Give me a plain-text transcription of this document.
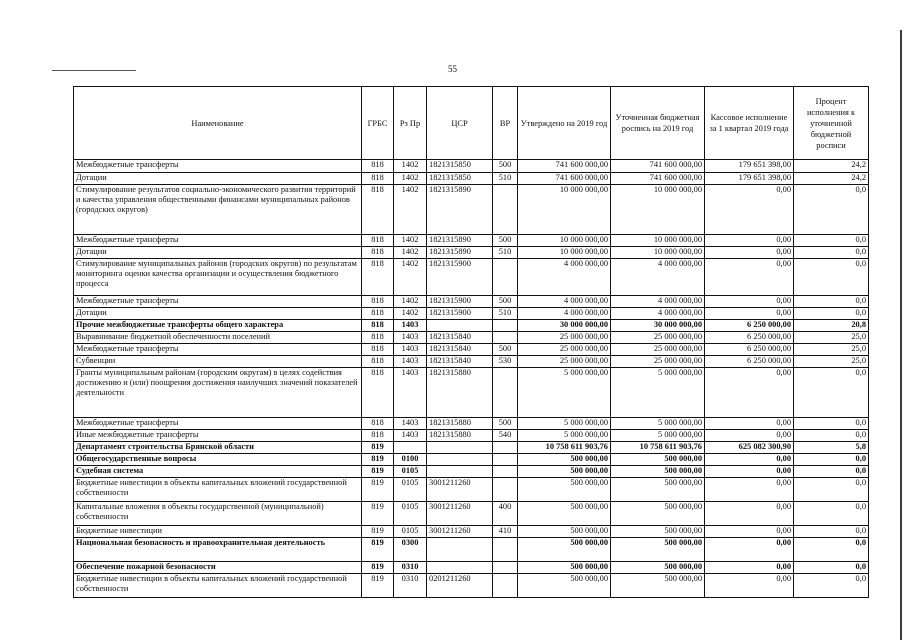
55
Наименование	ГРБС	Рз Пр	ЦСР	ВР	Утверждено на 2019 год	Уточненная бюджетная роспись на 2019 год	Кассовое исполнение за 1 квартал 2019 года	Процент исполнения к уточненной бюджетной росписи
Межбюджетные трансферты	818	1402	1821315850	500	741 600 000,00	741 600 000,00	179 651 398,00	24,2
Дотации	818	1402	1821315850	510	741 600 000,00	741 600 000,00	179 651 398,00	24,2
Стимулирование результатов социально-экономического развития территорий и качества управления общественными финансами муниципальных районов (городских округов)	818	1402	1821315890		10 000 000,00	10 000 000,00	0,00	0,0
Межбюджетные трансферты	818	1402	1821315890	500	10 000 000,00	10 000 000,00	0,00	0,0
Дотации	818	1402	1821315890	510	10 000 000,00	10 000 000,00	0,00	0,0
Стимулирование муниципальных районов (городских округов) по результатам мониторинга оценки качества организации и осуществления бюджетного процесса	818	1402	1821315900		4 000 000,00	4 000 000,00	0,00	0,0
Межбюджетные трансферты	818	1402	1821315900	500	4 000 000,00	4 000 000,00	0,00	0,0
Дотации	818	1402	1821315900	510	4 000 000,00	4 000 000,00	0,00	0,0
Прочие межбюджетные трансферты общего характера	818	1403			30 000 000,00	30 000 000,00	6 250 000,00	20,8
Выравнивание бюджетной обеспеченности поселений	818	1403	1821315840		25 000 000,00	25 000 000,00	6 250 000,00	25,0
Межбюджетные трансферты	818	1403	1821315840	500	25 000 000,00	25 000 000,00	6 250 000,00	25,0
Субвенции	818	1403	1821315840	530	25 000 000,00	25 000 000,00	6 250 000,00	25,0
Гранты муниципальным районам (городским округам) в целях содействия достижению и (или) поощрения достижения наилучших значений показателей деятельности	818	1403	1821315880		5 000 000,00	5 000 000,00	0,00	0,0
Межбюджетные трансферты	818	1403	1821315880	500	5 000 000,00	5 000 000,00	0,00	0,0
Иные межбюджетные трансферты	818	1403	1821315880	540	5 000 000,00	5 000 000,00	0,00	0,0
Департамент строительства Брянской области	819				10 758 611 903,76	10 758 611 903,76	625 082 300,90	5,8
Общегосударственные вопросы	819	0100			500 000,00	500 000,00	0,00	0,0
Судебная система	819	0105			500 000,00	500 000,00	0,00	0,0
Бюджетные инвестиции в объекты капитальных вложений государственной собственности	819	0105	3001211260		500 000,00	500 000,00	0,00	0,0
Капитальные вложения в объекты государственной (муниципальной) собственности	819	0105	3001211260	400	500 000,00	500 000,00	0,00	0,0
Бюджетные инвестиции	819	0105	3001211260	410	500 000,00	500 000,00	0,00	0,0
Национальная безопасность и правоохранительная деятельность	819	0300			500 000,00	500 000,00	0,00	0,0
Обеспечение пожарной безопасности	819	0310			500 000,00	500 000,00	0,00	0,0
Бюджетные инвестиции в объекты капитальных вложений государственной собственности	819	0310	0201211260		500 000,00	500 000,00	0,00	0,0
